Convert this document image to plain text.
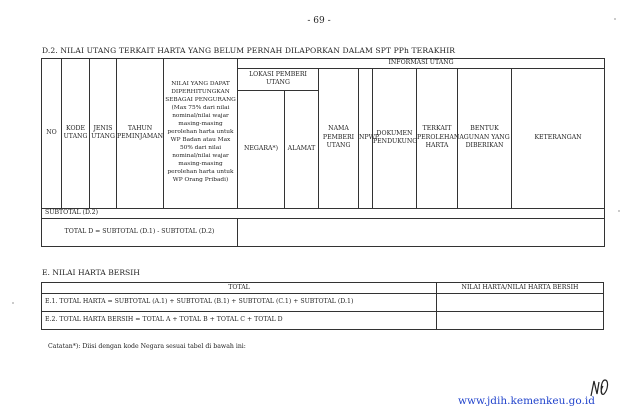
- 69 -
D.2. NILAI UTANG TERKAIT HARTA YANG BELUM PERNAH DILAPORKAN DALAM SPT PPh TERAKHIR
NO	KODE UTANG	JENIS UTANG	TAHUN PEMINJAMAN	NILAI YANG DAPAT DIPERHITUNGKAN SEBAGAI PENGURANG (Max 75% dari nilai nominal/nilai wajar masing-masing perolehan harta untuk WP Badan atau Max 50% dari nilai nominal/nilai wajar masing-masing perolehan harta untuk WP Orang Pribadi)	INFORMASI UTANG							
					LOKASI PEMBERI UTANG		NAMA PEMBERI UTANG	NPWP	DOKUMEN PENDUKUNG	TERKAIT PEROLEHAN HARTA	BENTUK AGUNAN YANG DIBERIKAN	KETERANGAN
					NEGARA*)	ALAMAT						
SUBTOTAL (D.2)												
TOTAL D = SUBTOTAL (D.1) - SUBTOTAL (D.2)												
E. NILAI HARTA BERSIH
TOTAL	NILAI HARTA/NILAI HARTA BERSIH
E.1. TOTAL HARTA = SUBTOTAL (A.1) + SUBTOTAL (B.1) + SUBTOTAL (C.1) + SUBTOTAL (D.1)	
E.2. TOTAL HARTA BERSIH = TOTAL A + TOTAL B + TOTAL C + TOTAL D	
Catatan*): Diisi dengan kode Negara sesuai tabel di bawah ini:
www.jdih.kemenkeu.go.id
